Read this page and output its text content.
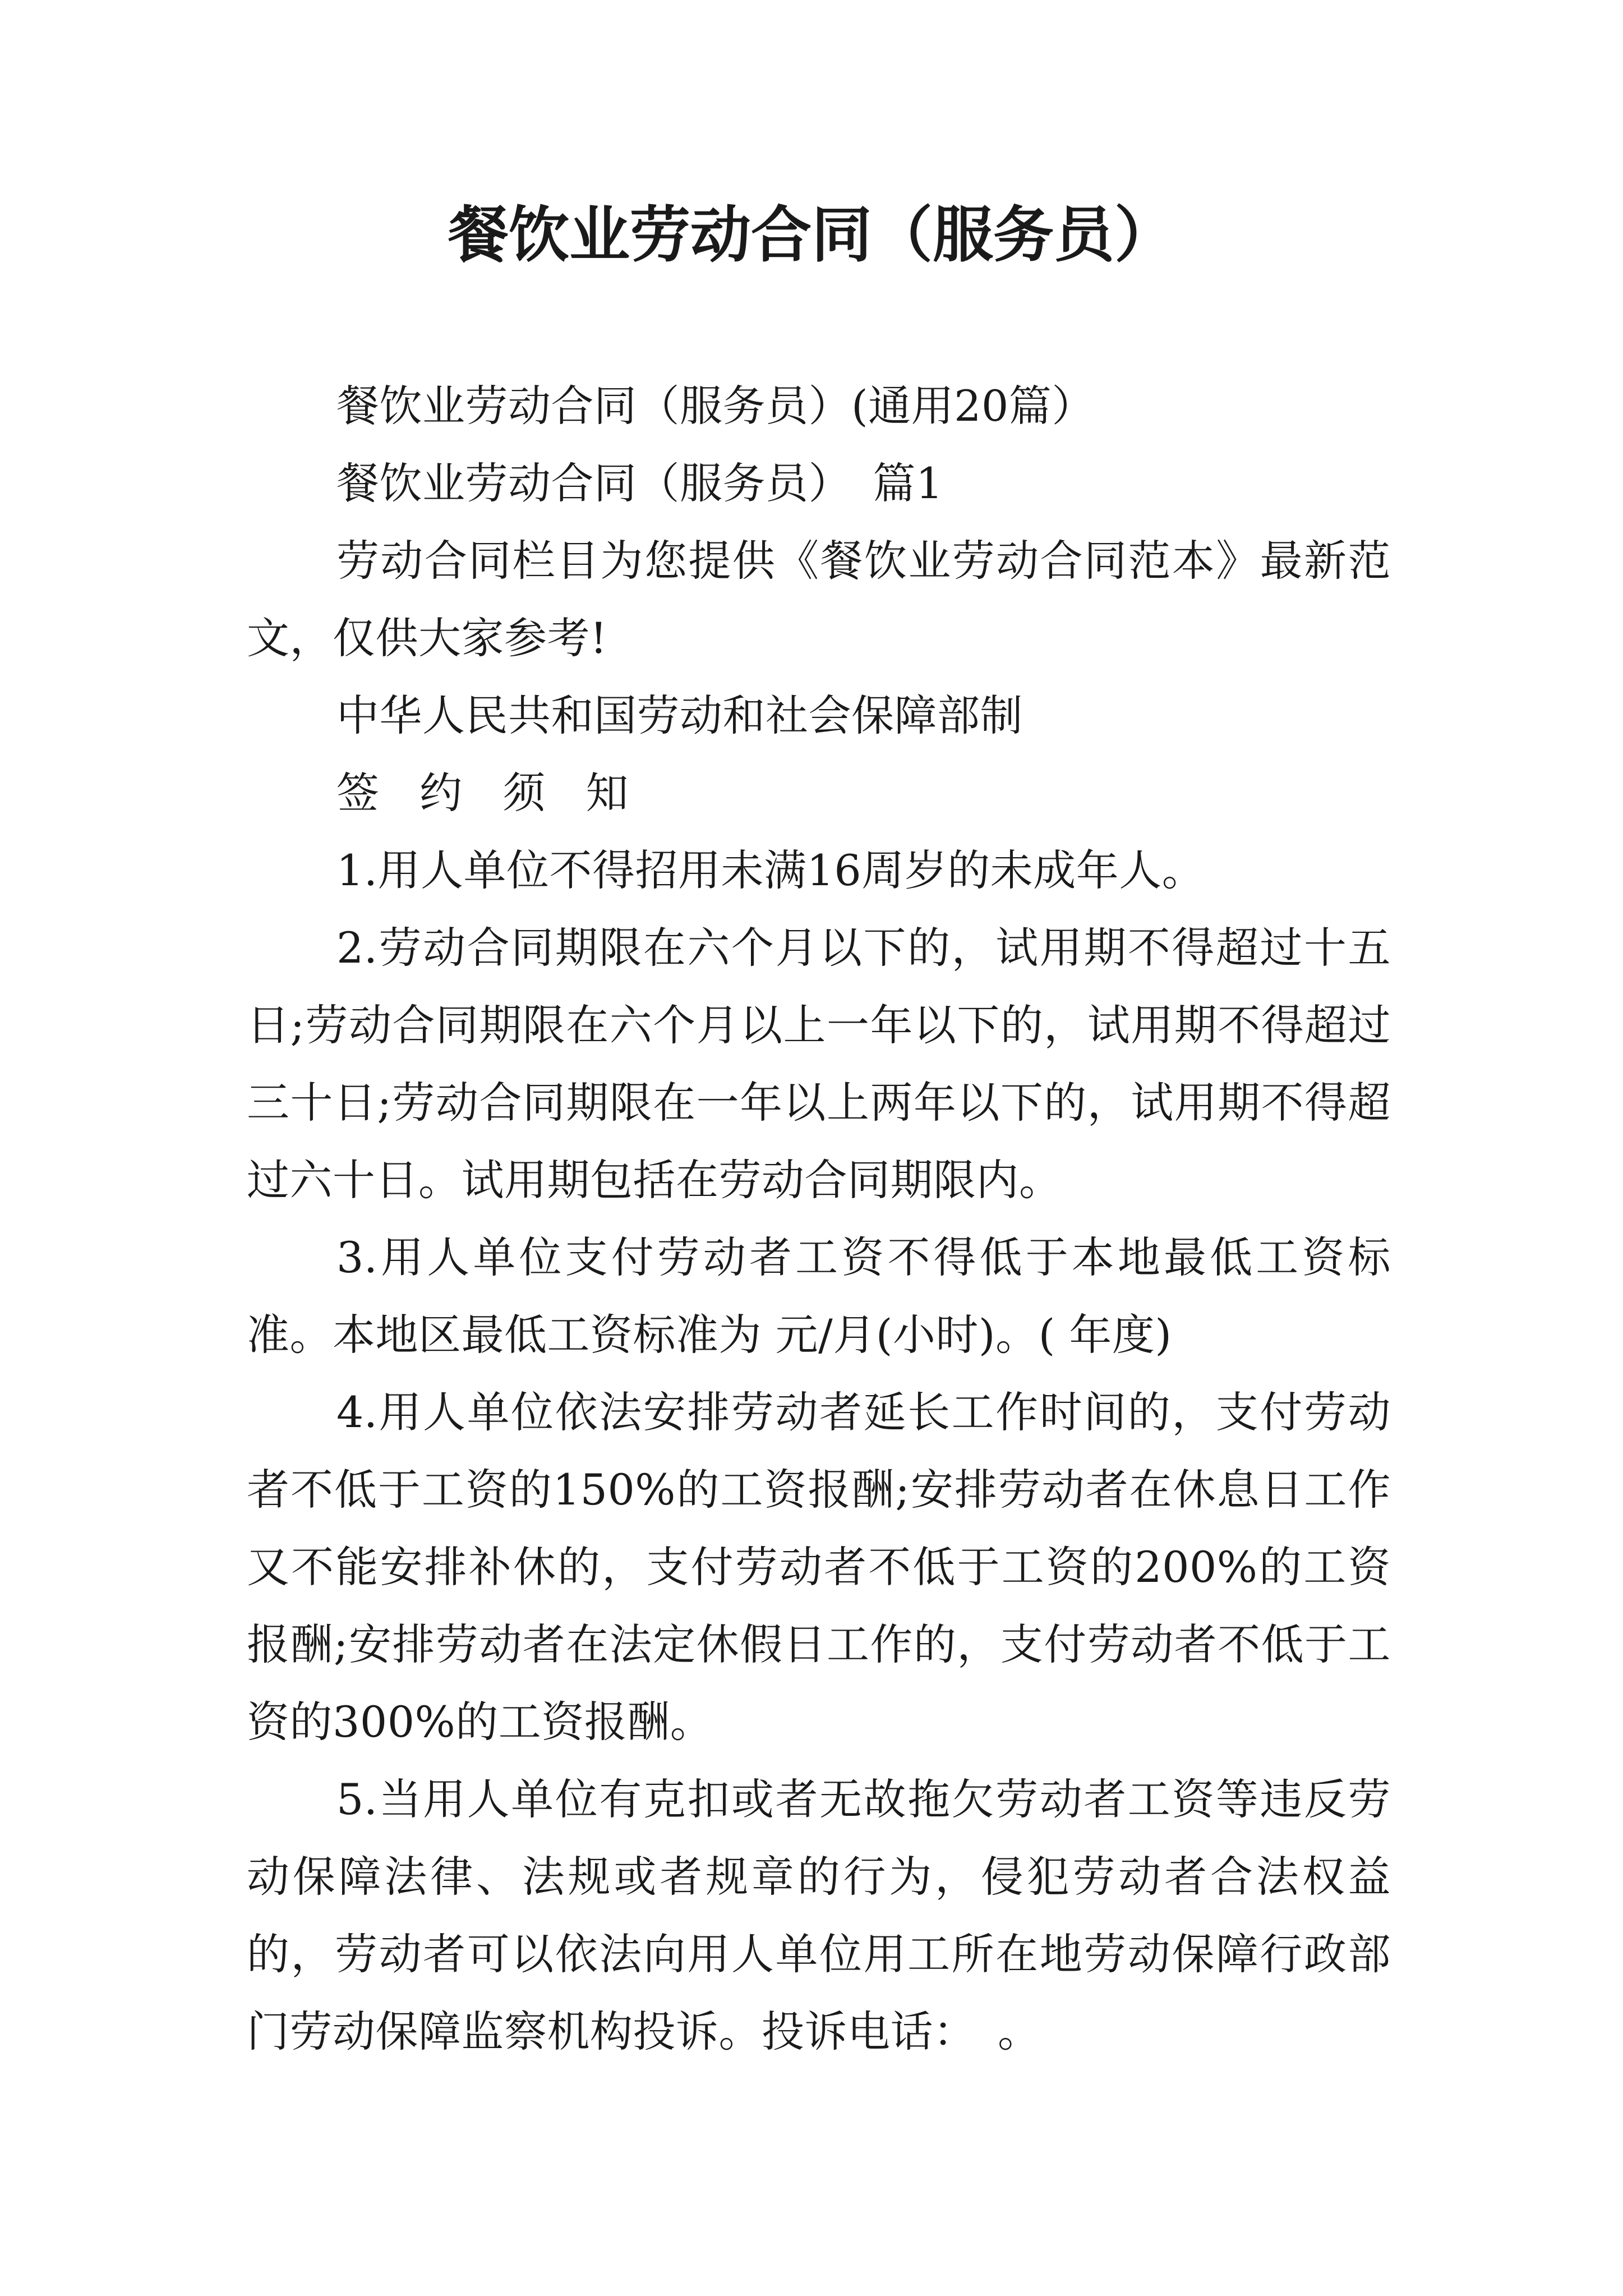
餐饮业劳动合同（服务员）

餐饮业劳动合同（服务员）(通用20篇）

餐饮业劳动合同（服务员）　篇1

劳动合同栏目为您提供《餐饮业劳动合同范本》最新范文，仅供大家参考!

中华人民共和国劳动和社会保障部制

签 约 须 知

1.用人单位不得招用未满16周岁的未成年人。

2.劳动合同期限在六个月以下的，试用期不得超过十五日;劳动合同期限在六个月以上一年以下的，试用期不得超过三十日;劳动合同期限在一年以上两年以下的，试用期不得超过六十日。试用期包括在劳动合同期限内。

3.用人单位支付劳动者工资不得低于本地最低工资标准。本地区最低工资标准为 元/月(小时)。( 年度)

4.用人单位依法安排劳动者延长工作时间的，支付劳动者不低于工资的150%的工资报酬;安排劳动者在休息日工作又不能安排补休的，支付劳动者不低于工资的200%的工资报酬;安排劳动者在法定休假日工作的，支付劳动者不低于工资的300%的工资报酬。

5.当用人单位有克扣或者无故拖欠劳动者工资等违反劳动保障法律、法规或者规章的行为，侵犯劳动者合法权益的，劳动者可以依法向用人单位用工所在地劳动保障行政部门劳动保障监察机构投诉。投诉电话：　。
